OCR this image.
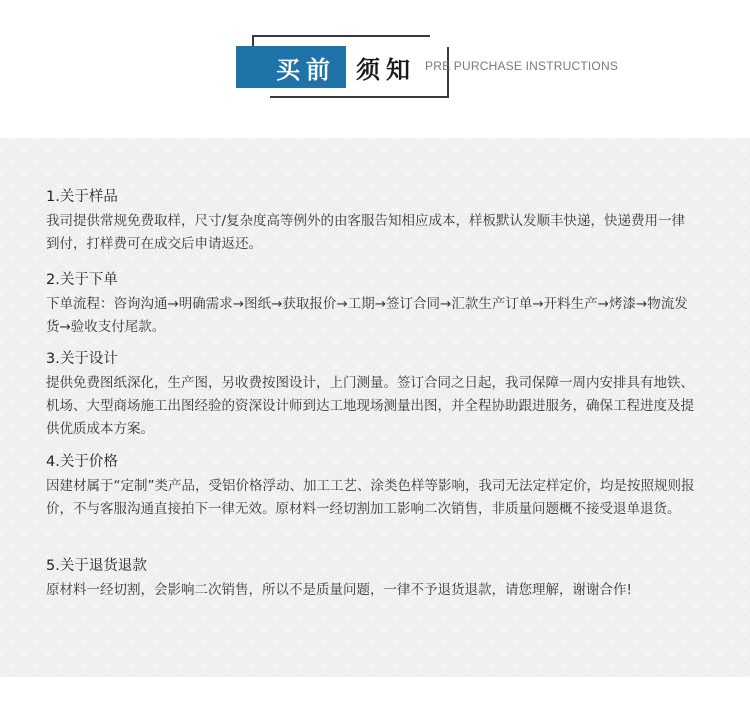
买前 须知 PRE PURCHASE INSTRUCTIONS

1.关于样品

我司提供常规免费取样，尺寸/复杂度高等例外的由客服告知相应成本，样板默认发顺丰快递，快递费用一律到付，打样费可在成交后申请返还。

2.关于下单

下单流程：咨询沟通→明确需求→图纸→获取报价→工期→签订合同→汇款生产订单→开料生产→烤漆→物流发货→验收支付尾款。

3.关于设计

提供免费图纸深化，生产图，另收费按图设计，上门测量。签订合同之日起，我司保障一周内安排具有地铁、机场、大型商场施工出图经验的资深设计师到达工地现场测量出图，并全程协助跟进服务，确保工程进度及提供优质成本方案。

4.关于价格

因建材属于“定制”类产品，受铝价格浮动、加工工艺、涂类色样等影响，我司无法定样定价，均是按照规则报价，不与客服沟通直接拍下一律无效。原材料一经切割加工影响二次销售，非质量问题概不接受退单退货。

5.关于退货退款

原材料一经切割，会影响二次销售，所以不是质量问题，一律不予退货退款，请您理解，谢谢合作!
